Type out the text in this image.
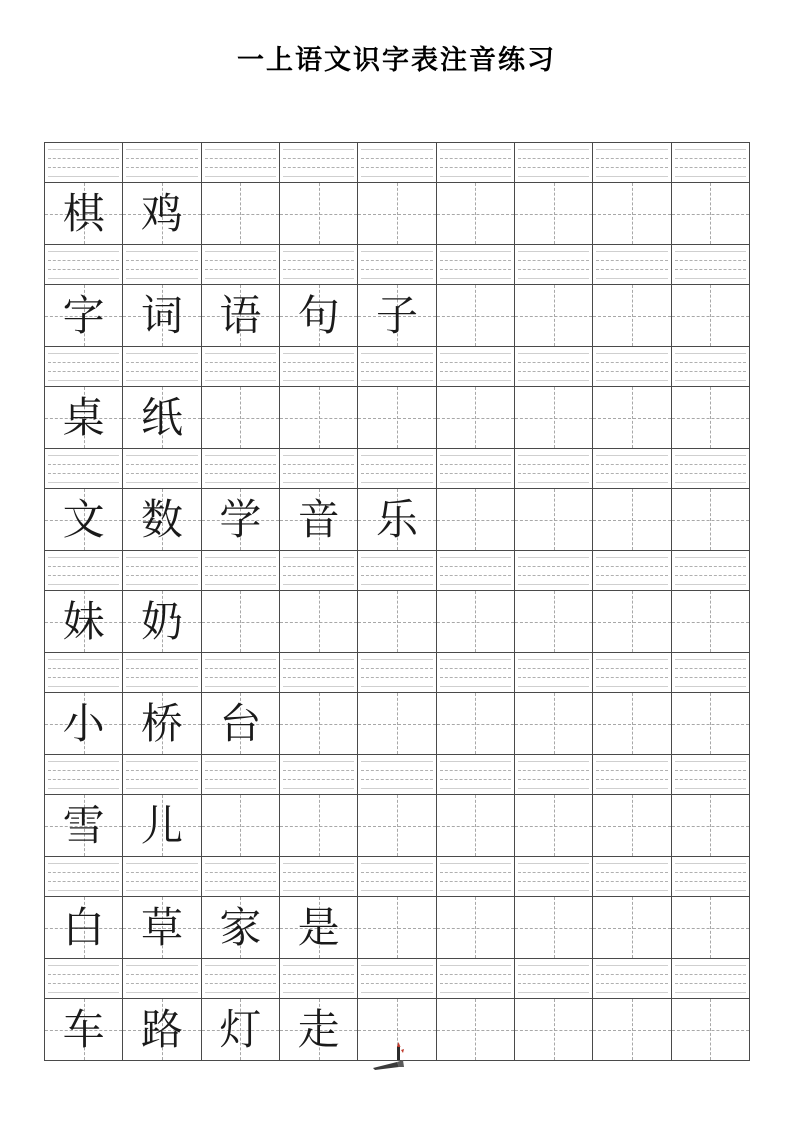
一上语文识字表注音练习

棋 鸡
字 词 语 句 子
桌 纸
文 数 学 音 乐
妹 奶
小 桥 台
雪 儿
白 草 家 是
车 路 灯 走
